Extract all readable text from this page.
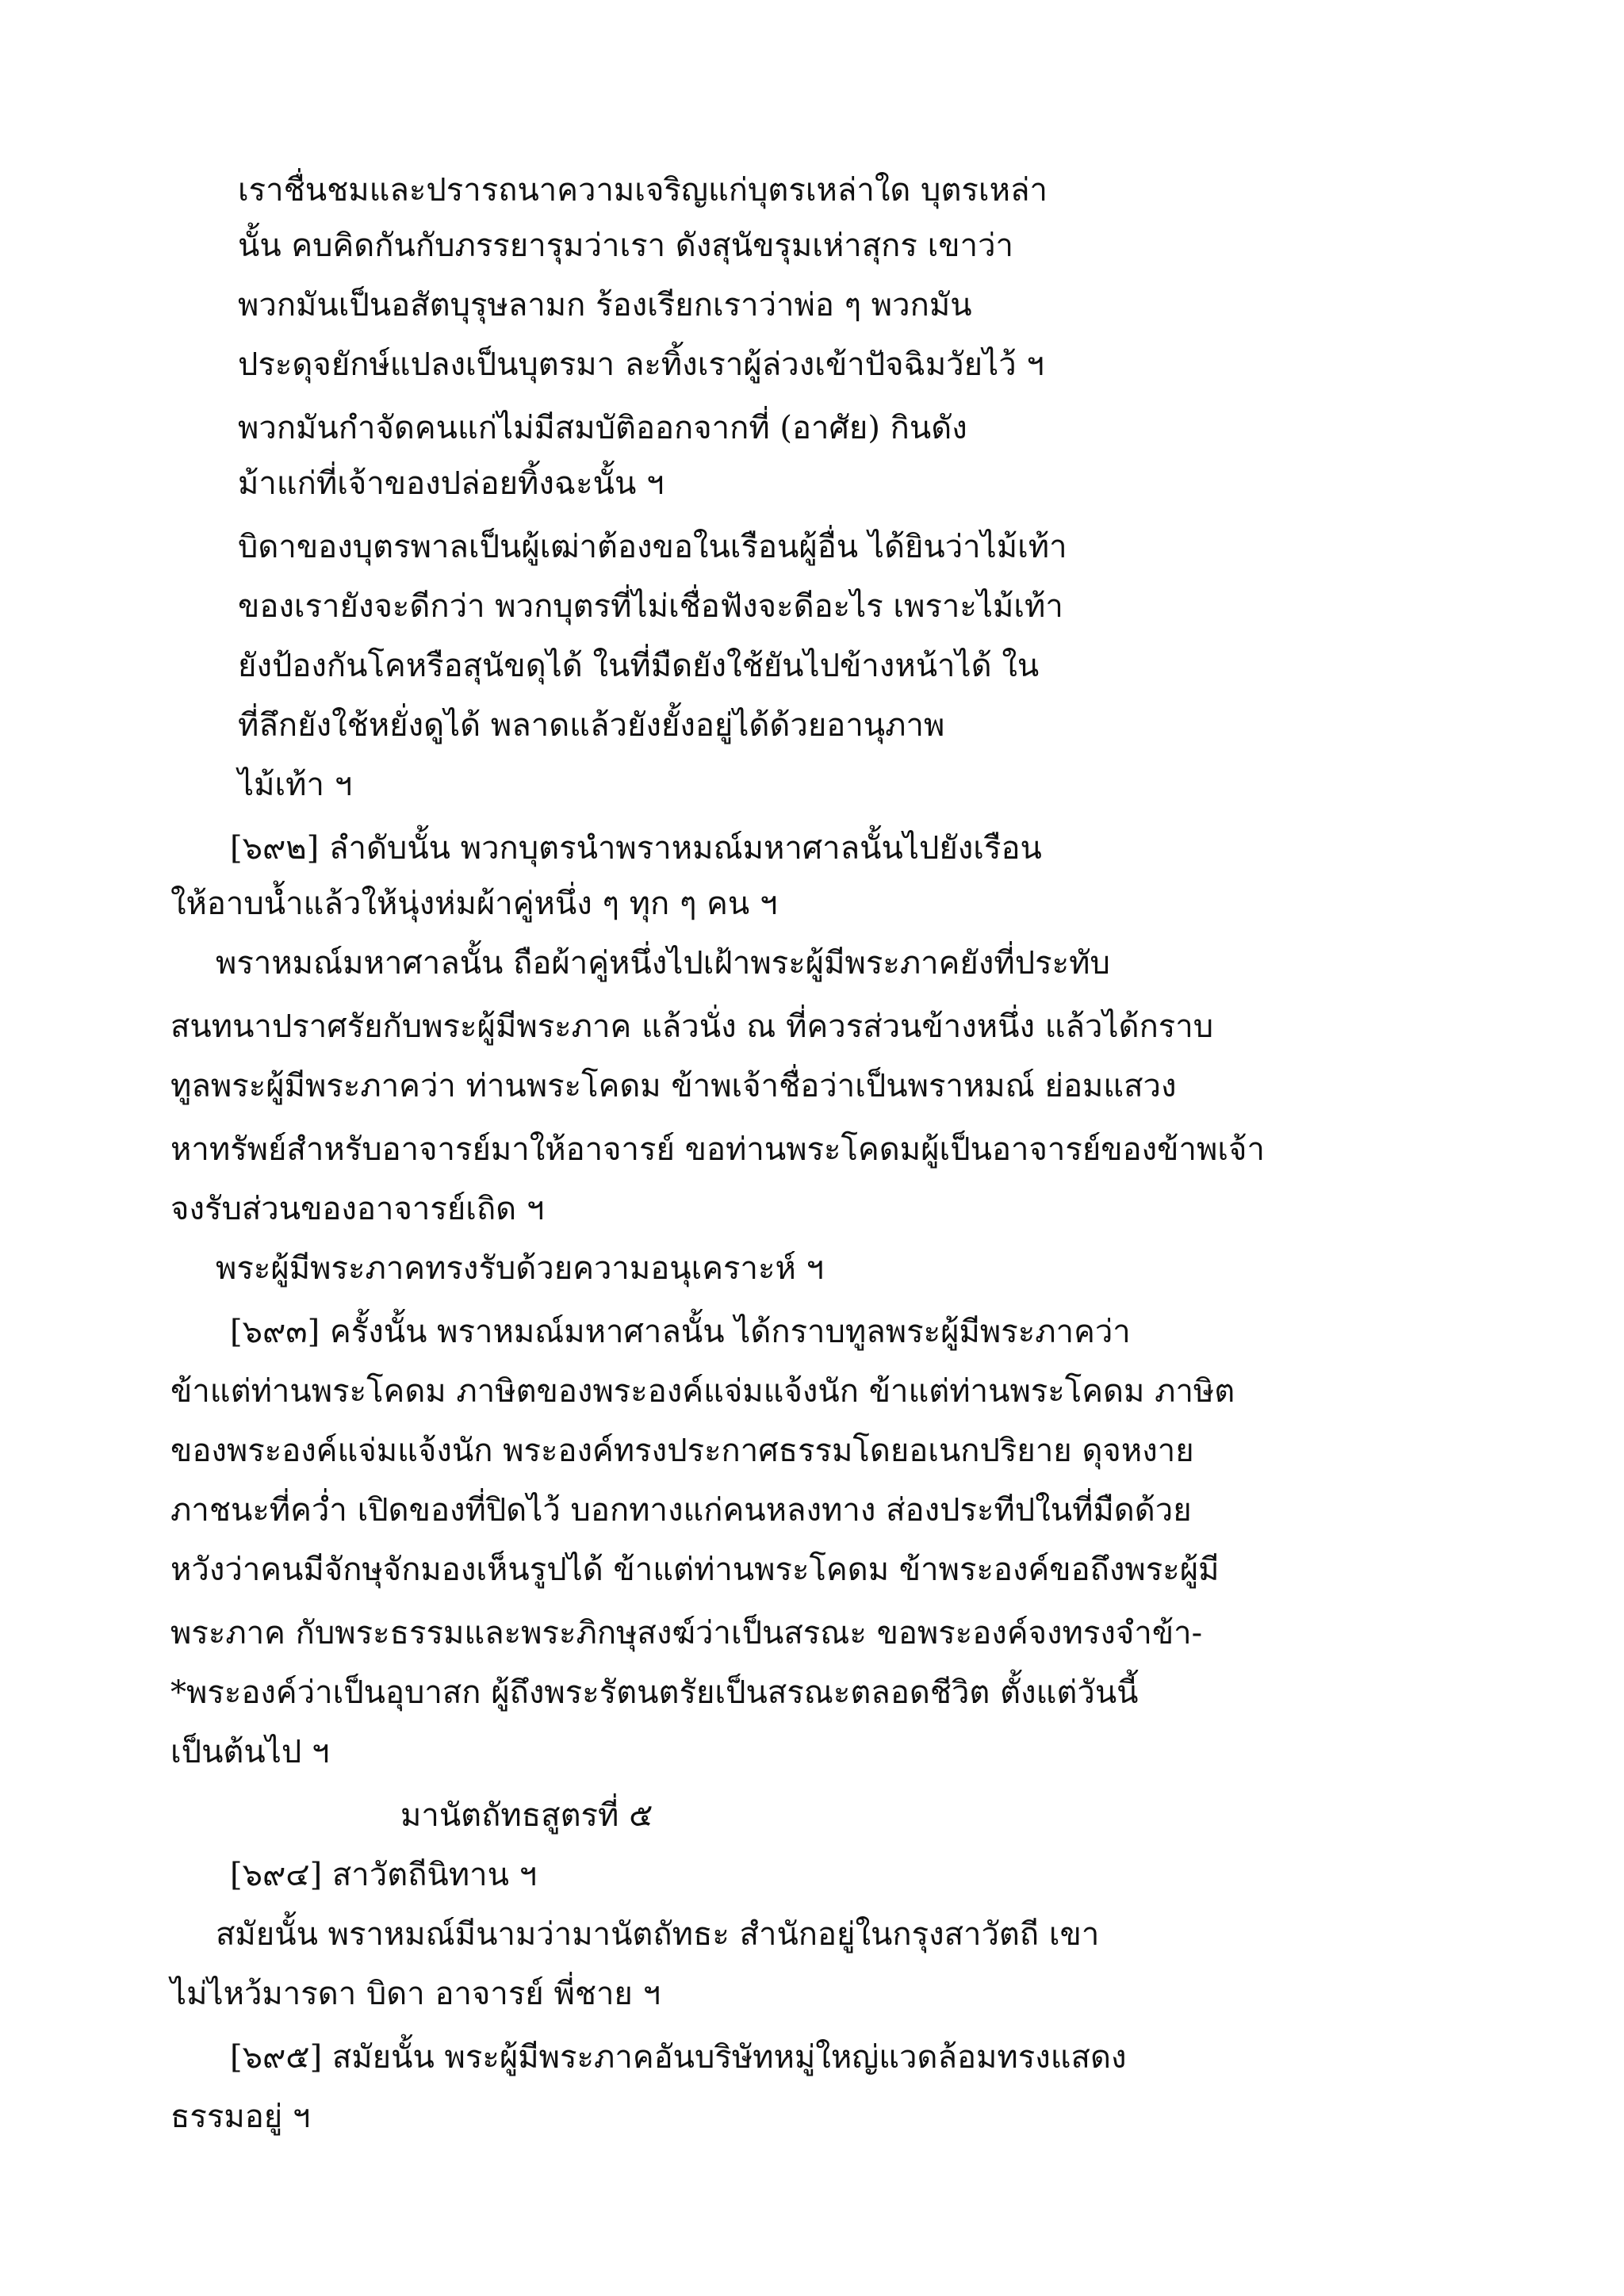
เราชื่นชมและปรารถนาความเจริญแก่บุตรเหล่าใด บุตรเหล่า
นั้น คบคิดกันกับภรรยารุมว่าเรา ดังสุนัขรุมเห่าสุกร เขาว่า
พวกมันเป็นอสัตบุรุษลามก ร้องเรียกเราว่าพ่อ ๆ พวกมัน
ประดุจยักษ์แปลงเป็นบุตรมา ละทิ้งเราผู้ล่วงเข้าปัจฉิมวัยไว้ ฯ
พวกมันกำจัดคนแก่ไม่มีสมบัติออกจากที่ (อาศัย) กินดัง
ม้าแก่ที่เจ้าของปล่อยทิ้งฉะนั้น ฯ
บิดาของบุตรพาลเป็นผู้เฒ่าต้องขอในเรือนผู้อื่น ได้ยินว่าไม้เท้า
ของเรายังจะดีกว่า พวกบุตรที่ไม่เชื่อฟังจะดีอะไร เพราะไม้เท้า
ยังป้องกันโคหรือสุนัขดุได้ ในที่มืดยังใช้ยันไปข้างหน้าได้ ใน
ที่ลึกยังใช้หยั่งดูได้ พลาดแล้วยังยั้งอยู่ได้ด้วยอานุภาพ
ไม้เท้า ฯ
[๖๙๒] ลำดับนั้น พวกบุตรนำพราหมณ์มหาศาลนั้นไปยังเรือน
ให้อาบน้ำแล้วให้นุ่งห่มผ้าคู่หนึ่ง ๆ ทุก ๆ คน ฯ
พราหมณ์มหาศาลนั้น ถือผ้าคู่หนึ่งไปเฝ้าพระผู้มีพระภาคยังที่ประทับ
สนทนาปราศรัยกับพระผู้มีพระภาค แล้วนั่ง ณ ที่ควรส่วนข้างหนึ่ง แล้วได้กราบ
ทูลพระผู้มีพระภาคว่า ท่านพระโคดม ข้าพเจ้าชื่อว่าเป็นพราหมณ์ ย่อมแสวง
หาทรัพย์สำหรับอาจารย์มาให้อาจารย์ ขอท่านพระโคดมผู้เป็นอาจารย์ของข้าพเจ้า
จงรับส่วนของอาจารย์เถิด ฯ
พระผู้มีพระภาคทรงรับด้วยความอนุเคราะห์ ฯ
[๖๙๓] ครั้งนั้น พราหมณ์มหาศาลนั้น ได้กราบทูลพระผู้มีพระภาคว่า
ข้าแต่ท่านพระโคดม ภาษิตของพระองค์แจ่มแจ้งนัก ข้าแต่ท่านพระโคดม ภาษิต
ของพระองค์แจ่มแจ้งนัก พระองค์ทรงประกาศธรรมโดยอเนกปริยาย ดุจหงาย
ภาชนะที่คว่ำ เปิดของที่ปิดไว้ บอกทางแก่คนหลงทาง ส่องประทีปในที่มืดด้วย
หวังว่าคนมีจักษุจักมองเห็นรูปได้ ข้าแต่ท่านพระโคดม ข้าพระองค์ขอถึงพระผู้มี
พระภาค กับพระธรรมและพระภิกษุสงฆ์ว่าเป็นสรณะ ขอพระองค์จงทรงจำข้า-
*พระองค์ว่าเป็นอุบาสก ผู้ถึงพระรัตนตรัยเป็นสรณะตลอดชีวิต ตั้งแต่วันนี้
เป็นต้นไป ฯ
มานัตถัทธสูตรที่ ๕
[๖๙๔] สาวัตถีนิทาน ฯ
สมัยนั้น พราหมณ์มีนามว่ามานัตถัทธะ สำนักอยู่ในกรุงสาวัตถี เขา
ไม่ไหว้มารดา บิดา อาจารย์ พี่ชาย ฯ
[๖๙๕] สมัยนั้น พระผู้มีพระภาคอันบริษัทหมู่ใหญ่แวดล้อมทรงแสดง
ธรรมอยู่ ฯ
